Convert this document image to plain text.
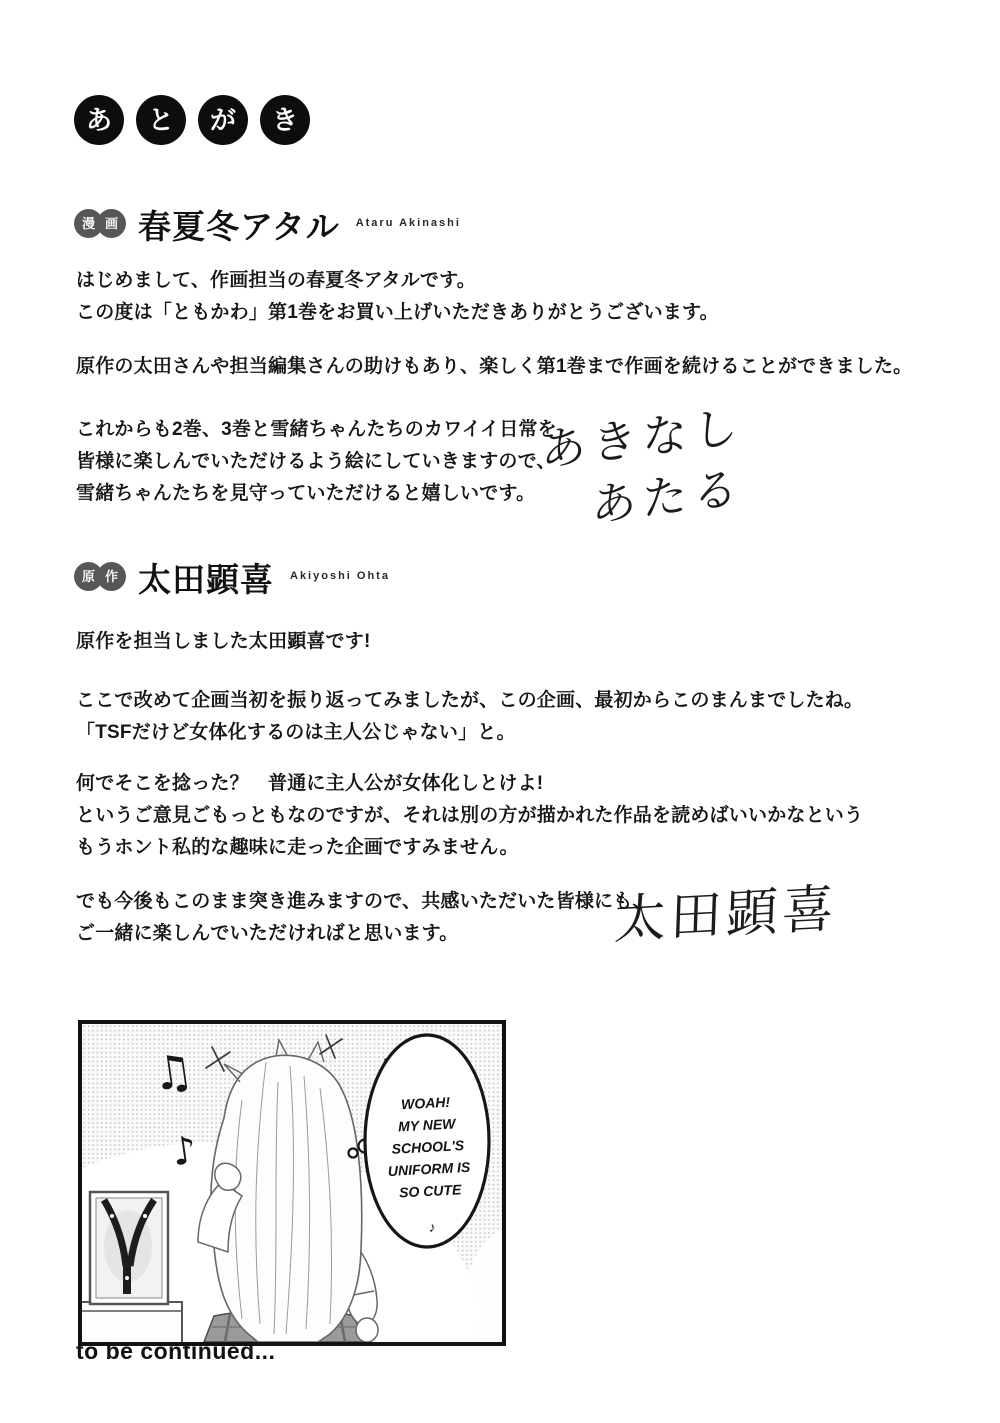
あ	と	が	き
漫 画 春夏冬アタル Ataru Akinashi
はじめまして、作画担当の春夏冬アタルです。
この度は「ともかわ」第1巻をお買い上げいただきありがとうございます。
原作の太田さんや担当編集さんの助けもあり、楽しく第1巻まで作画を続けることができました。
これからも2巻、3巻と雪緒ちゃんたちのカワイイ日常を
皆様に楽しんでいただけるよう絵にしていきますので、
雪緒ちゃんたちを見守っていただけると嬉しいです。
あきなし
あたる
原 作 太田顕喜 Akiyoshi Ohta
原作を担当しました太田顕喜です!
ここで改めて企画当初を振り返ってみましたが、この企画、最初からこのまんまでしたね。
「TSFだけど女体化するのは主人公じゃない」と。
何でそこを捻った？　普通に主人公が女体化しとけよ!
というご意見ごもっともなのですが、それは別の方が描かれた作品を読めばいいかなという
もうホント私的な趣味に走った企画ですみません。
でも今後もこのまま突き進みますので、共感いただいた皆様にも、
ご一緒に楽しんでいただければと思います。	太田顕喜
♫
♪
WOAH!
MY NEW
SCHOOL'S
UNIFORM IS
SO CUTE
♪
to be continued...
